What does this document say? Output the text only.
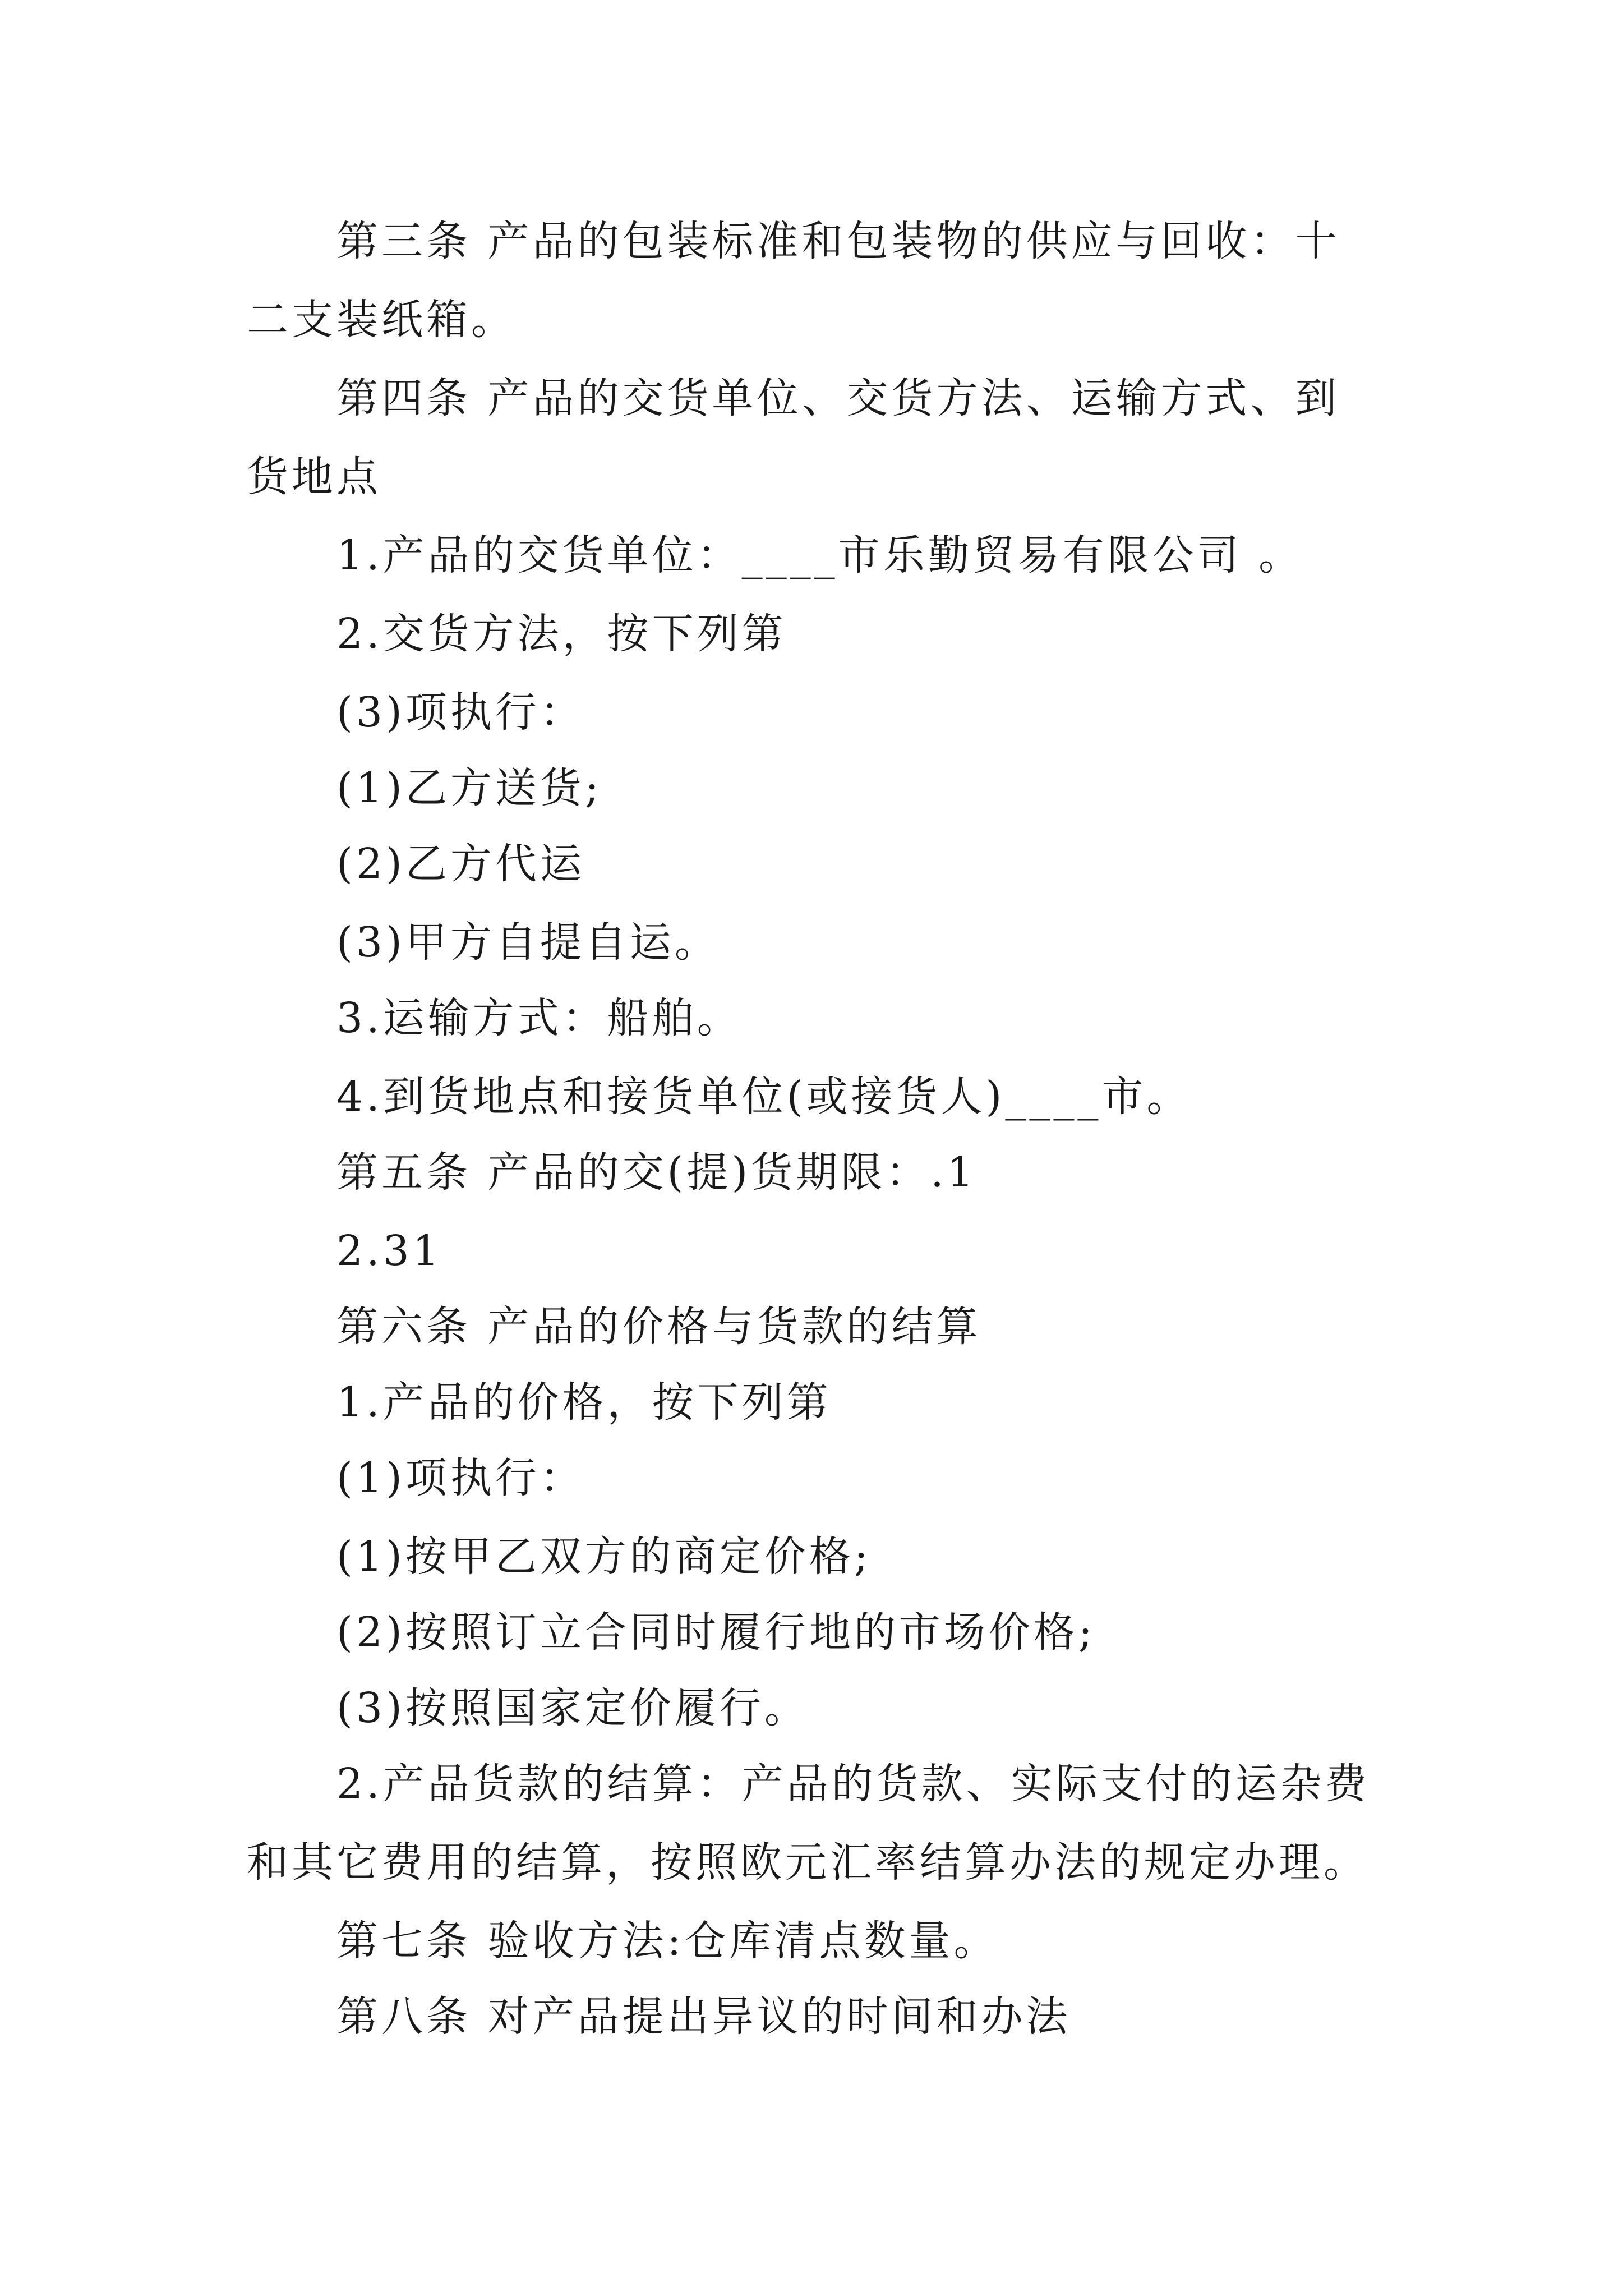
第三条 产品的包装标准和包装物的供应与回收：十二支装纸箱。

第四条 产品的交货单位、交货方法、运输方式、到货地点

1.产品的交货单位：____市乐勤贸易有限公司 。

2.交货方法，按下列第

(3)项执行：

(1)乙方送货;

(2)乙方代运

(3)甲方自提自运。

3.运输方式：船舶。

4.到货地点和接货单位(或接货人)____市。

第五条 产品的交(提)货期限：.1

2.31

第六条 产品的价格与货款的结算

1.产品的价格，按下列第

(1)项执行：

(1)按甲乙双方的商定价格;

(2)按照订立合同时履行地的市场价格;

(3)按照国家定价履行。

2.产品货款的结算：产品的货款、实际支付的运杂费和其它费用的结算，按照欧元汇率结算办法的规定办理。

第七条 验收方法:仓库清点数量。

第八条 对产品提出异议的时间和办法
